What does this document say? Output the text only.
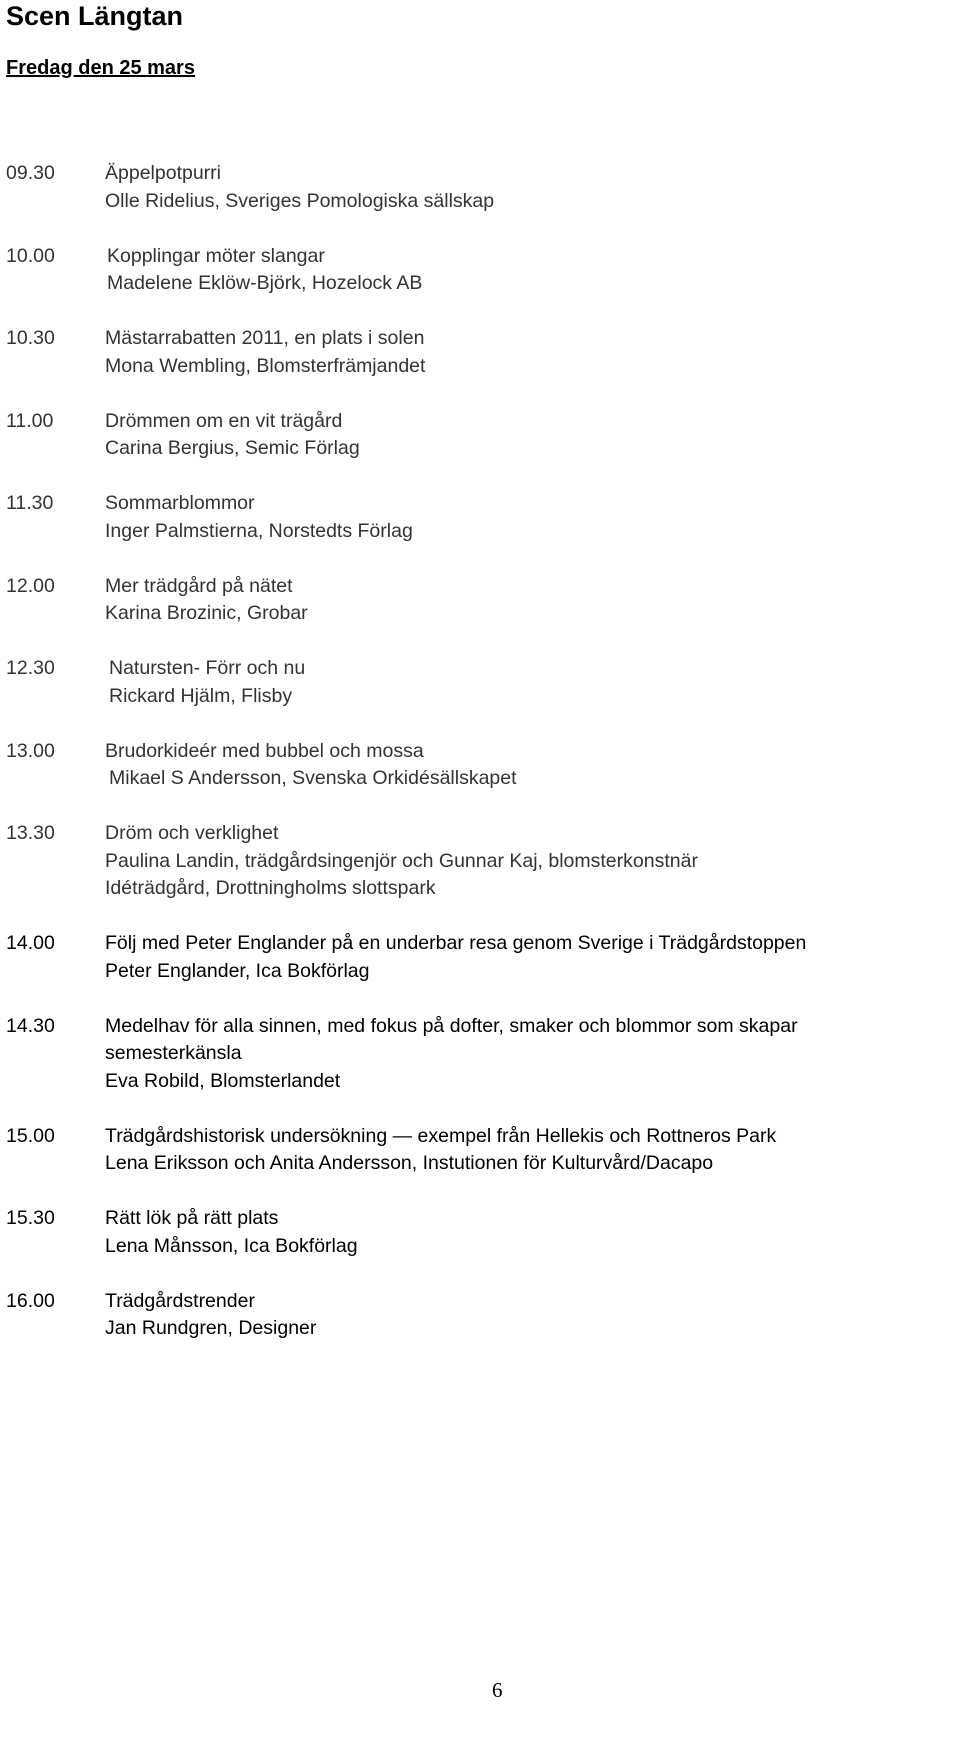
Scen Längtan
Fredag den 25 mars
09.30	Äppelpotpurri
Olle Ridelius, Sveriges Pomologiska sällskap
10.00	Kopplingar möter slangar
Madelene Eklöw-Björk, Hozelock AB
10.30	Mästarrabatten 2011, en plats i solen
Mona Wembling, Blomsterfrämjandet
11.00	Drömmen om en vit trägård
Carina Bergius, Semic Förlag
11.30	Sommarblommor
Inger Palmstierna, Norstedts Förlag
12.00	Mer trädgård på nätet
Karina Brozinic, Grobar
12.30	Natursten- Förr och nu
Rickard Hjälm, Flisby
13.00	Brudorkideér med bubbel och mossa
Mikael S Andersson, Svenska Orkidésällskapet
13.30	Dröm och verklighet
Paulina Landin, trädgårdsingenjör och Gunnar Kaj, blomsterkonstnär
Idéträdgård, Drottningholms slottspark
14.00	Följ med Peter Englander på en underbar resa genom Sverige i Trädgårdstoppen
Peter Englander, Ica Bokförlag
14.30	Medelhav för alla sinnen, med fokus på dofter, smaker och blommor som skapar
semesterkänsla
Eva Robild, Blomsterlandet
15.00	Trädgårdshistorisk undersökning — exempel från Hellekis och Rottneros Park
Lena Eriksson och Anita Andersson, Instutionen för Kulturvård/Dacapo
15.30	Rätt lök på rätt plats
Lena Månsson, Ica Bokförlag
16.00	Trädgårdstrender
Jan Rundgren, Designer
6
